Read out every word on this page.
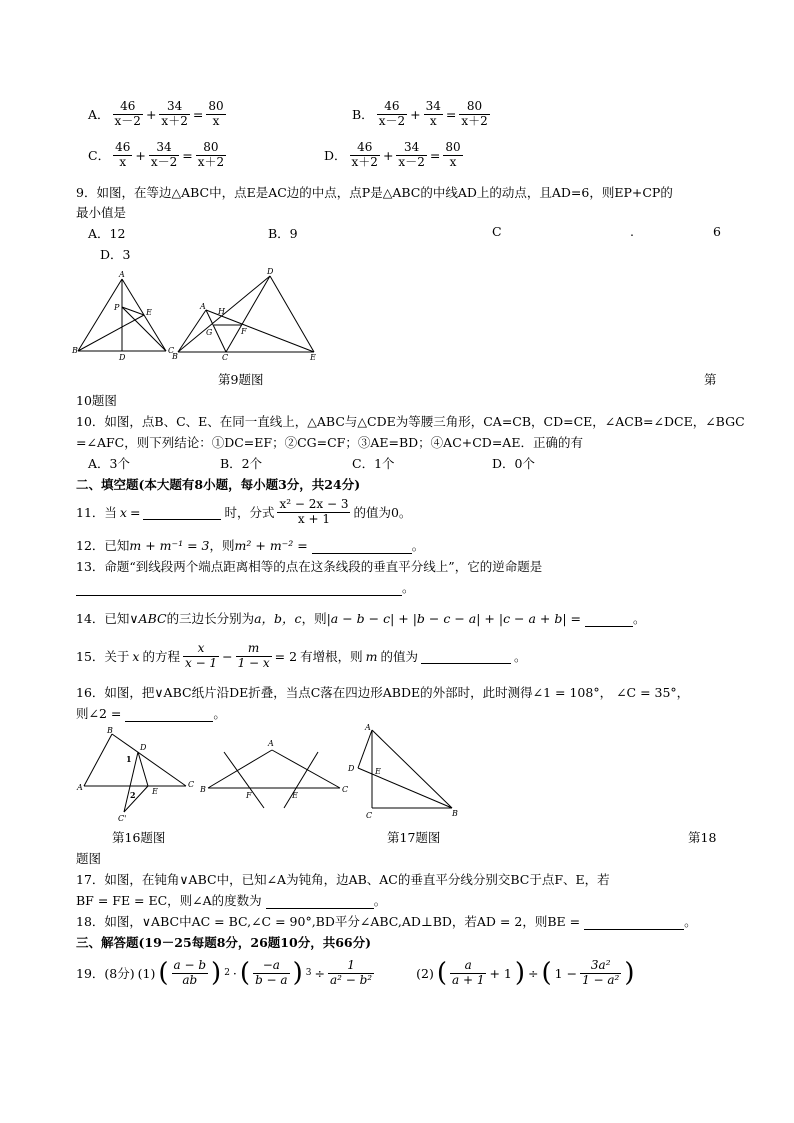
A． $\frac{46}{x-2} + \frac{34}{x+2} = \frac{80}{x}$	B． $\frac{46}{x-2} + \frac{34}{x} = \frac{80}{x+2}$
C． $\frac{46}{x} + \frac{34}{x-2} = \frac{80}{x+2}$	D． $\frac{46}{x+2} + \frac{34}{x-2} = \frac{80}{x}$
9．如图，在等边△ABC中，点E是AC边的中点，点P是△ABC的中线AD上的动点，且AD=6，则EP+CP的
最小值是
A．12	B．9	C	.	6
D．3
A
P
E
B
D
C
D
A
H
G	F
B	C	E
第9题图	第
10题图
10．如图，点B、C、E、在同一直线上，△ABC与△CDE为等腰三角形，CA=CB，CD=CE，∠ACB=∠DCE，∠BGC
=∠AFC，则下列结论：①DC=EF；②CG=CF；③AE=BD；④AC+CD=AE．正确的有
A．3个	B．2个	C．1个	D．0个
二、填空题(本大题有8小题，每小题3分，共24分)
11．当 x =
	时，分式 $\frac{\text{x² − 2x − 3}}{x + 1}$ 的值为0。
12．已知m + m⁻¹ = 3，则m² + m⁻² =	。
13．命题“到线段两个端点距离相等的点在这条线段的垂直平分线上”，它的逆命题是
。
14．已知∨ABC的三边长分别为a，b，c，则|a − b − c| + |b − c − a| + |c − a + b| =	。
15．关于 x 的方程 $\frac{x}{x - 1} - \frac{m}{1 - x} = 2$ 有增根，则 m 的值为
	。
16．如图，把∨ABC纸片沿DE折叠，当点C落在四边形ABDE的外部时，此时测得∠1 = 108°， ∠C = 35°，
则∠2 =	。
B
D
1
A	C
2 E
C'
A
B
F	E
C
A
D	E
C	B
第16题图	第17题图	第18
题图
17．如图，在钝角∨ABC中，已知∠A为钝角，边AB、AC的垂直平分线分别交BC于点F、E，若
BF = FE = EC，则∠A的度数为	。
18．如图，∨ABC中AC = BC,∠C = 90°,BD平分∠ABC,AD⊥BD，若AD = 2，则BE =	。
三、解答题(19－25每题8分，26题10分，共66分)
19．(8分) (1) ( $\frac{a - b}{ab}$ ) 2 · ( $\frac{-a}{b - a}$ ) $3 \div \frac{1}{\text{a² − b²}}$	(2) ( $\frac{a}{a + 1} + 1$ ) ÷ ( $1 - \frac{\text{3a²}}{\text{1 − a²}}$ )
